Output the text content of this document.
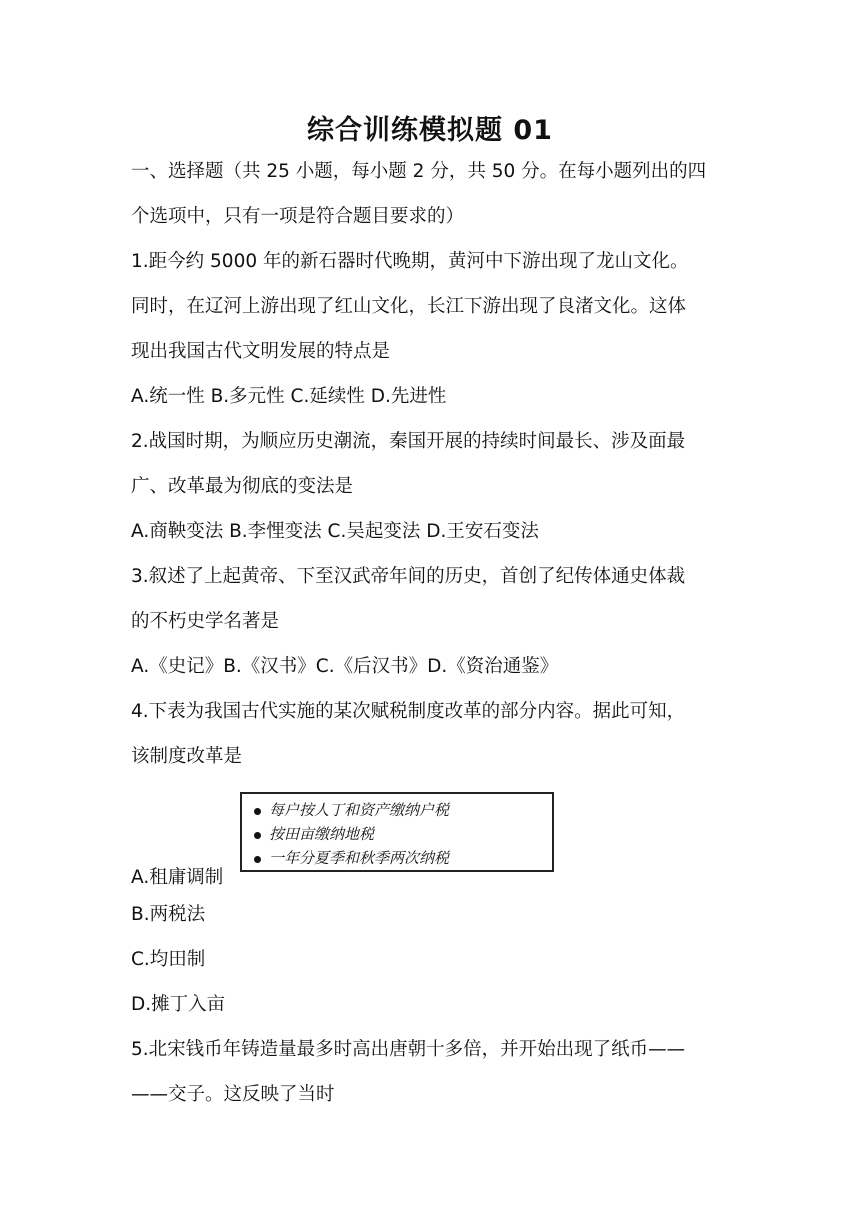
综合训练模拟题 01
一、选择题（共 25 小题，每小题 2 分，共 50 分。在每小题列出的四
个选项中，只有一项是符合题目要求的）
1.距今约 5000 年的新石器时代晚期，黄河中下游出现了龙山文化。
同时，在辽河上游出现了红山文化，长江下游出现了良渚文化。这体
现出我国古代文明发展的特点是
A.统一性 B.多元性 C.延续性 D.先进性
2.战国时期，为顺应历史潮流，秦国开展的持续时间最长、涉及面最
广、改革最为彻底的变法是
A.商鞅变法 B.李悝变法 C.吴起变法 D.王安石变法
3.叙述了上起黄帝、下至汉武帝年间的历史，首创了纪传体通史体裁
的不朽史学名著是
A.《史记》B.《汉书》C.《后汉书》D.《资治通鉴》
4.下表为我国古代实施的某次赋税制度改革的部分内容。据此可知，
该制度改革是
每户按人丁和资产缴纳户税
按田亩缴纳地税
一年分夏季和秋季两次纳税
A.租庸调制
B.两税法
C.均田制
D.摊丁入亩
5.北宋钱币年铸造量最多时高出唐朝十多倍，并开始出现了纸币——
——交子。这反映了当时
